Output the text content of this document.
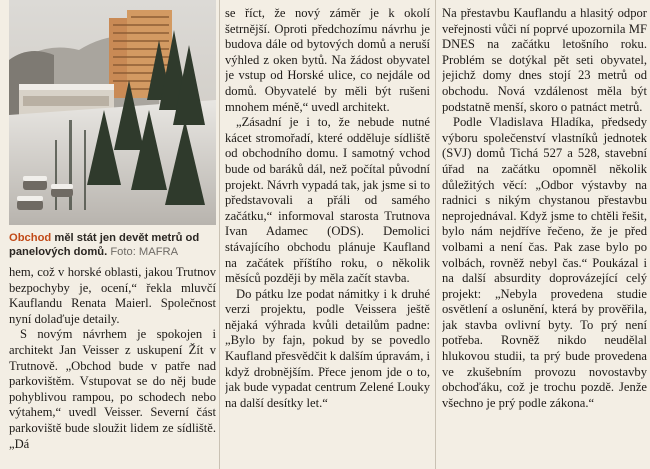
Obchod měl stát jen devět metrů od panelových domů. Foto: MAFRA

hem, což v horské oblasti, jakou Trutnov bezpochyby je, ocení,“ řekla mluvčí Kauflandu Renata Maierl. Společnost nyní dolaďuje detaily.

S novým návrhem je spokojen i architekt Jan Veisser z uskupení Žít v Trutnově. „Obchod bude v patře nad parkovištěm. Vstupovat se do něj bude pohyblivou rampou, po schodech nebo výtahem,“ uvedl Veisser. Severní část parkoviště bude sloužit lidem ze sídliště. „Dá

se říct, že nový záměr je k okolí šetrnější. Oproti předchozímu návrhu je budova dále od bytových domů a neruší výhled z oken bytů. Na žádost obyvatel je vstup od Horské ulice, co nejdále od domů. Obyvatelé by měli být rušeni mnohem méně,“ uvedl architekt.

„Zásadní je i to, že nebude nutné kácet stromořadí, které odděluje sídliště od obchodního domu. I samotný vchod bude od baráků dál, než počítal původní projekt. Návrh vypadá tak, jak jsme si to představovali a přáli od samého začátku,“ informoval starosta Trutnova Ivan Adamec (ODS). Demolici stávajícího obchodu plánuje Kaufland na začátek příštího roku, o několik měsíců později by měla začít stavba.

Do pátku lze podat námitky i k druhé verzi projektu, podle Veissera ještě nějaká výhrada kvůli detailům padne: „Bylo by fajn, pokud by se povedlo Kaufland přesvědčit k dalším úpravám, i když drobnějším. Přece jenom jde o to, jak bude vypadat centrum Zelené Louky na další desítky let.“

Na přestavbu Kauflandu a hlasitý odpor veřejnosti vůči ní poprvé upozornila MF DNES na začátku letošního roku. Problém se dotýkal pět seti obyvatel, jejichž domy dnes stojí 23 metrů od obchodu. Nová vzdálenost měla být podstatně menší, skoro o patnáct metrů.

Podle Vladislava Hladíka, předsedy výboru společenství vlastníků jednotek (SVJ) domů Tichá 527 a 528, stavební úřad na začátku opomněl několik důležitých věcí: „Odbor výstavby na radnici s nikým chystanou přestavbu neprojednával. Když jsme to chtěli řešit, bylo nám nejdříve řečeno, že je před volbami a není čas. Pak zase bylo po volbách, rovněž nebyl čas.“ Poukázal i na další absurdity doprovázející celý projekt: „Nebyla provedena studie osvětlení a oslunění, která by prověřila, jak stavba ovlivní byty. To prý není potřeba. Rovněž nikdo neudělal hlukovou studii, ta prý bude provedena ve zkušebním provozu novostavby obchoďáku, což je trochu pozdě. Jenže všechno je prý podle zákona.“
